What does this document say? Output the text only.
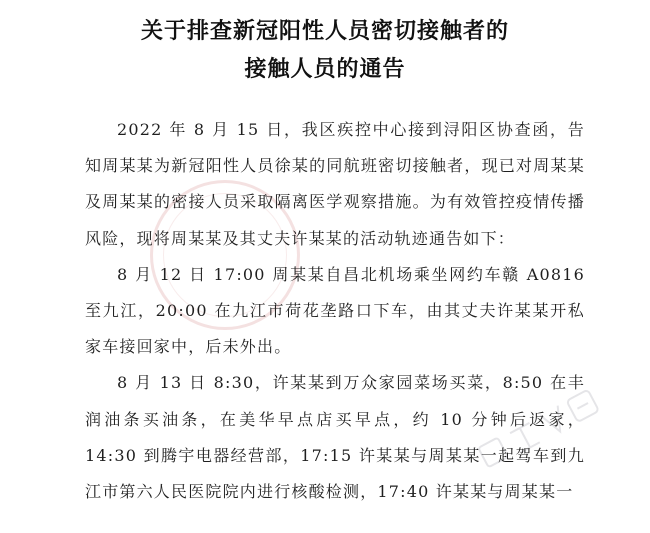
关于排查新冠阳性人员密切接触者的
接触人员的通告

2022 年 8 月 15 日，我区疾控中心接到浔阳区协查函，告知周某某为新冠阳性人员徐某的同航班密切接触者，现已对周某某及周某某的密接人员采取隔离医学观察措施。为有效管控疫情传播风险，现将周某某及其丈夫许某某的活动轨迹通告如下：

8 月 12 日 17:00 周某某自昌北机场乘坐网约车赣 A0816 至九江，20:00 在九江市荷花垄路口下车，由其丈夫许某某开私家车接回家中，后未外出。

8 月 13 日 8:30，许某某到万众家园菜场买菜，8:50 在丰润油条买油条，在美华早点店买早点，约 10 分钟后返家，14:30 到腾宇电器经营部，17:15 许某某与周某某一起驾车到九江市第六人民医院院内进行核酸检测，17:40 许某某与周某某一
